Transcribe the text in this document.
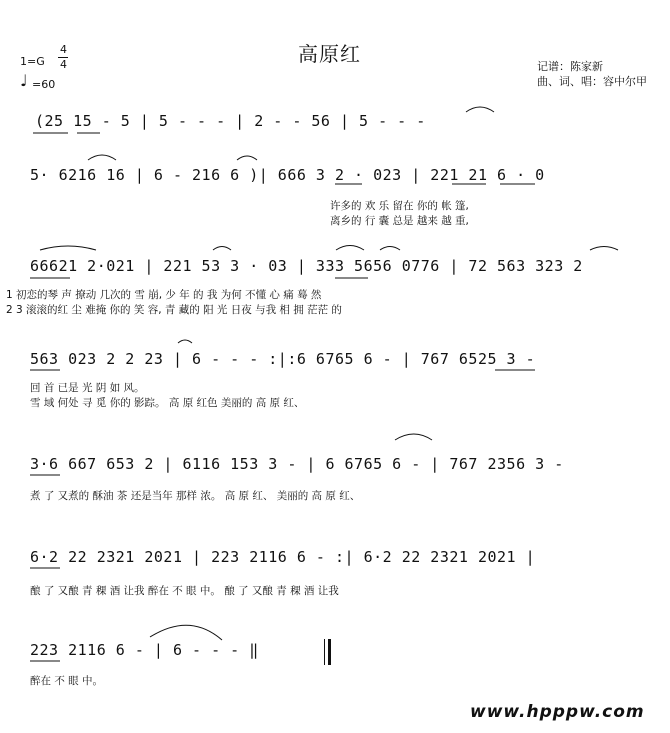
高原红
1=G
4
4
♩ =60
记谱：陈家新
曲、词、唱：容中尔甲
(25 15 - 5 | 5 - - - | 2 - - 56 | 5 - - -
5· 6216 16 | 6 - 216 6 )| 666 3 2 · 023 | 221 21 6 · 0
许多的 欢 乐 留在 你的 帐 篷,
离乡的 行 囊 总是 越来 越 重,
66621 2·021 | 221 53 3 · 03 | 333 5656 0776 | 72 563 323 2
1 初恋的琴 声 撩动 几次的 雪 崩, 少 年 的 我 为何 不懂 心 痛 蓦 然
2 3 滚滚的红 尘 难掩 你的 笑 容, 青 藏的 阳 光 日夜 与我 相 拥 茫茫 的
563 023 2 2 23 | 6 - - - :|:6 6765 6 - | 767 6525 3 -
回 首 已是 光 阴 如 风。
雪 域 何处 寻 觅 你的 影踪。 高 原 红色 美丽的 高 原 红、
3·6 667 653 2 | 6116 153 3 - | 6 6765 6 - | 767 2356 3 -
煮 了 又煮的 酥油 茶 还是当年 那样 浓。 高 原 红、 美丽的 高 原 红、
6·2 22 2321 2021 | 223 2116 6 - :| 6·2 22 2321 2021 |
酿 了 又酿 青 稞 酒 让我 醉在 不 眼 中。 酿 了 又酿 青 稞 酒 让我
223 2116 6 - | 6 - - - ‖
醉在 不 眼 中。
www.hpppw.com
